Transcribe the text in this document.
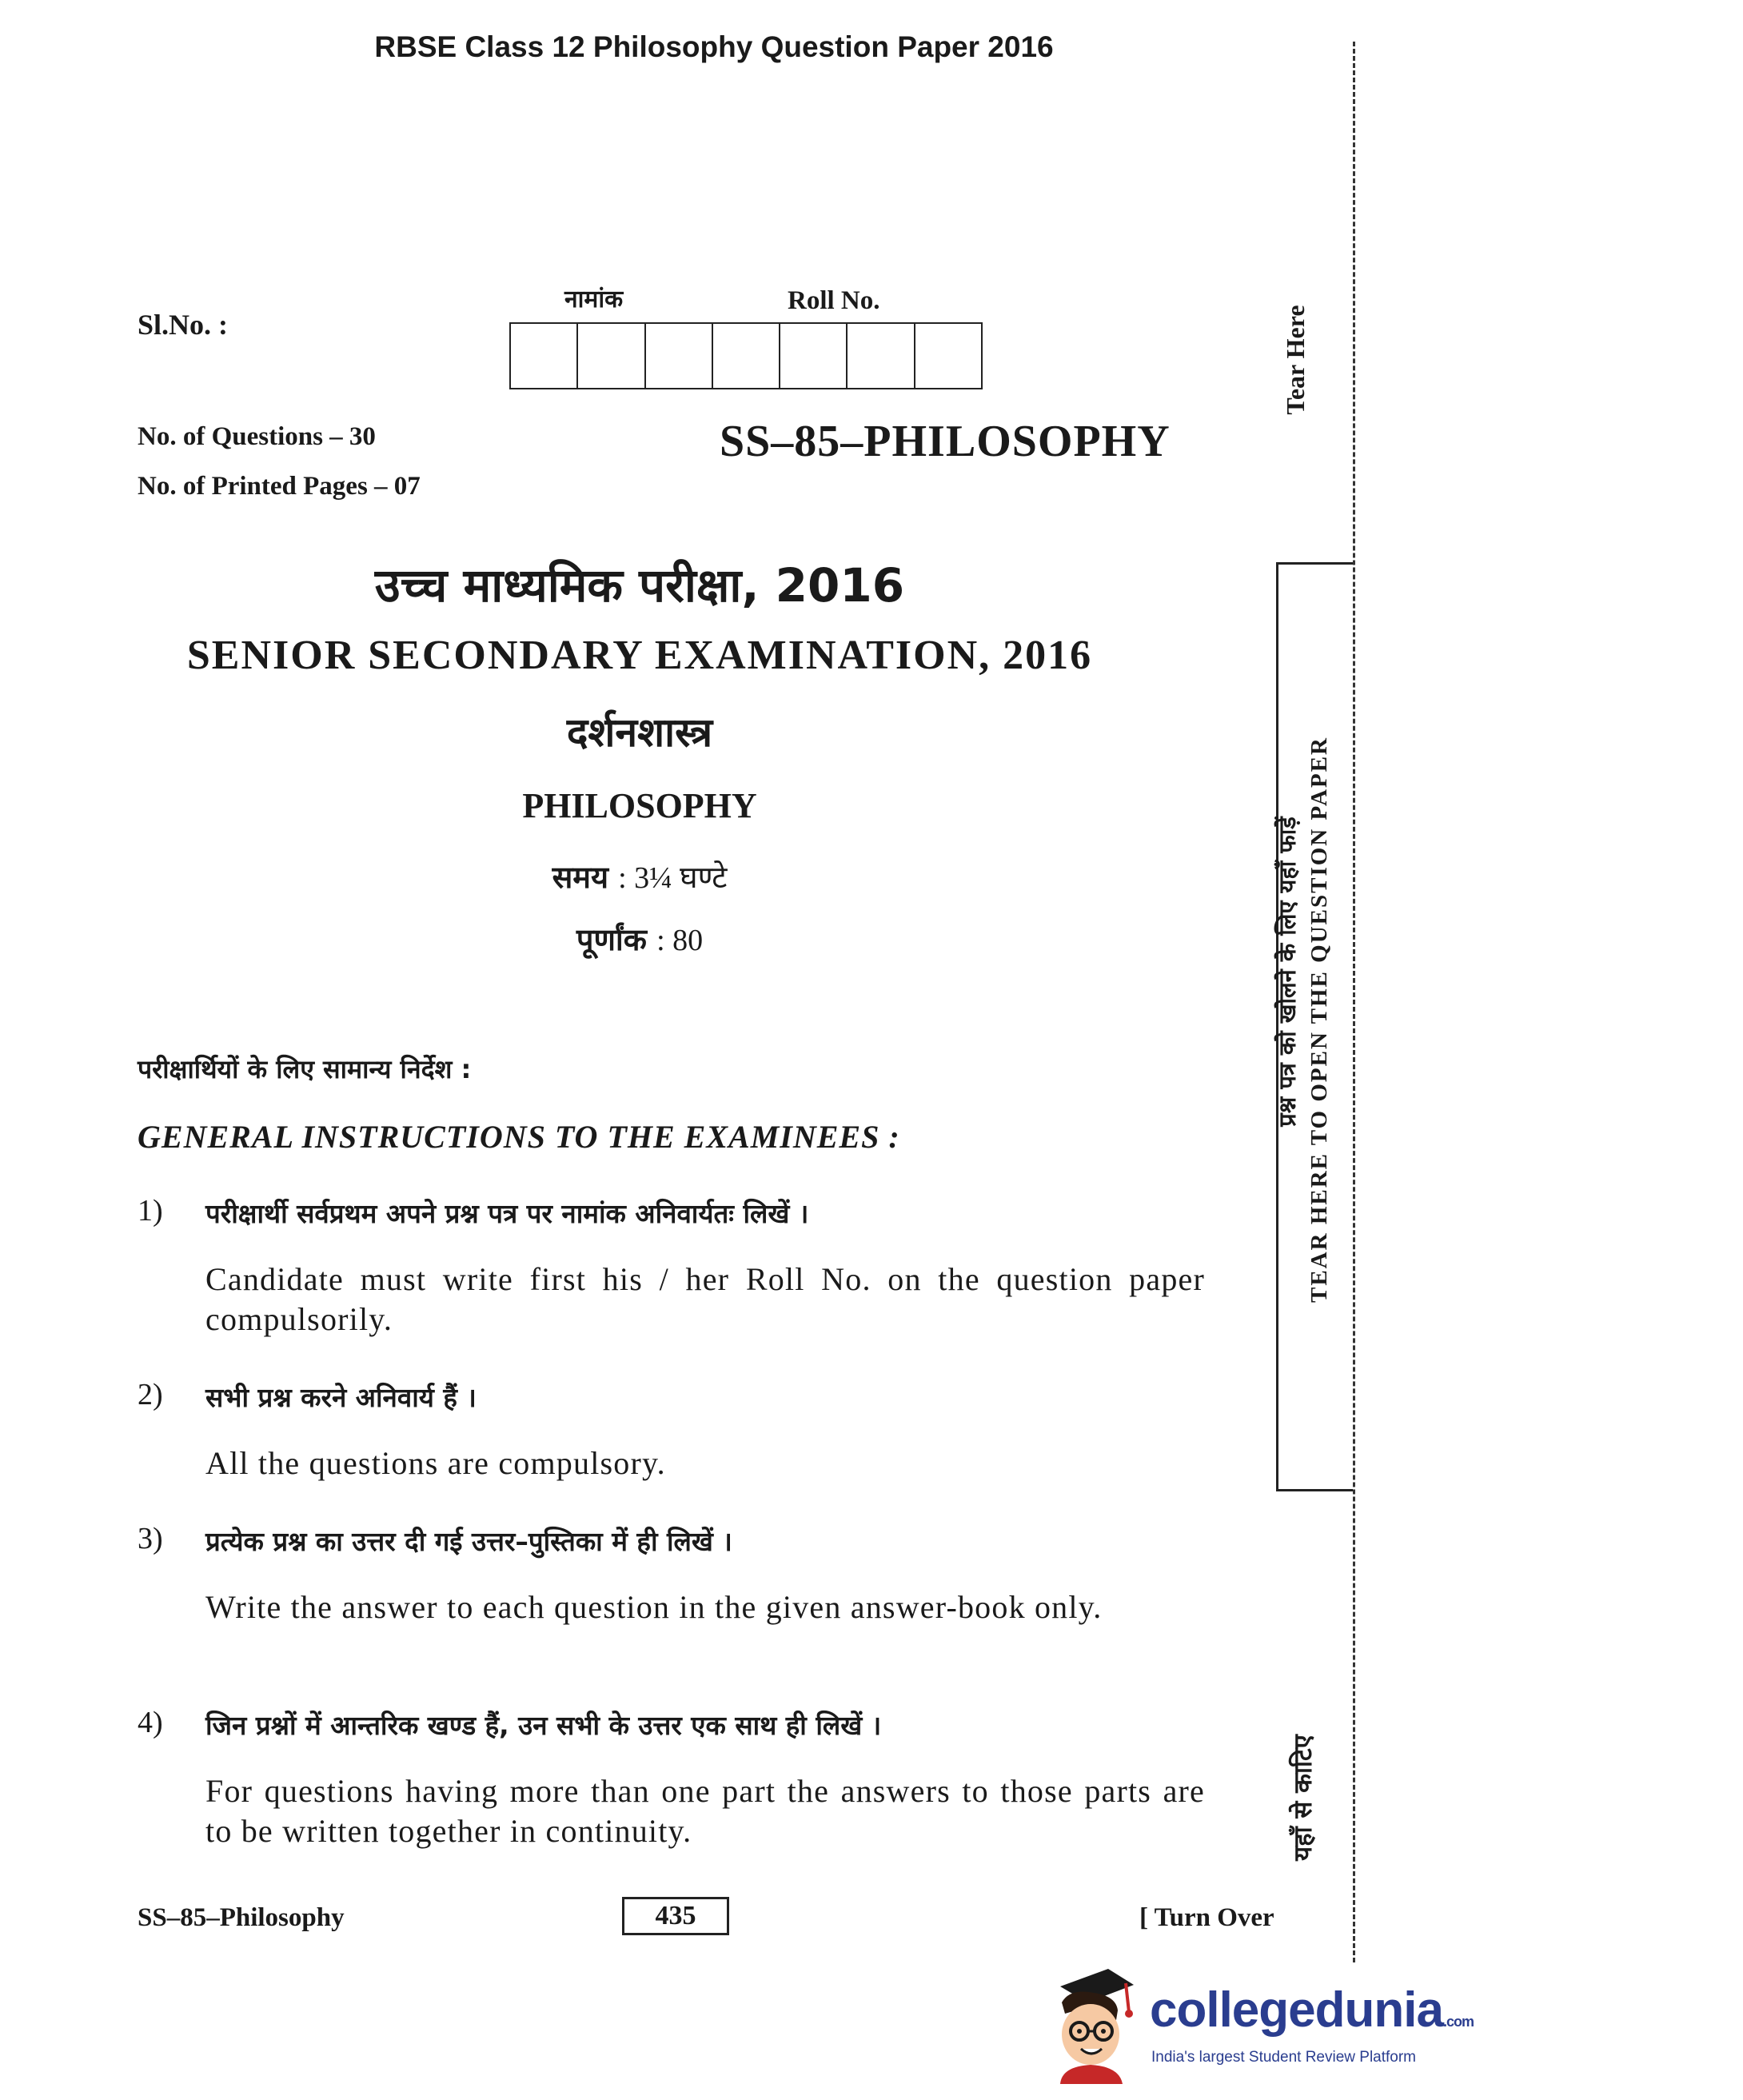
RBSE Class 12 Philosophy Question Paper 2016
Sl.No. :
नामांक	Roll No.
No. of Questions – 30
No. of Printed Pages – 07
SS–85–PHILOSOPHY
उच्च माध्यमिक परीक्षा, 2016
SENIOR SECONDARY EXAMINATION, 2016
दर्शनशास्त्र
PHILOSOPHY
समय : 3¼ घण्टे
पूर्णांक : 80
परीक्षार्थियों के लिए सामान्य निर्देश :
GENERAL INSTRUCTIONS TO THE EXAMINEES :
1) परीक्षार्थी सर्वप्रथम अपने प्रश्न पत्र पर नामांक अनिवार्यतः लिखें ।
Candidate must write first his / her Roll No. on the question paper compulsorily.
2) सभी प्रश्न करने अनिवार्य हैं ।
All the questions are compulsory.
3) प्रत्येक प्रश्न का उत्तर दी गई उत्तर–पुस्तिका में ही लिखें ।
Write the answer to each question in the given answer-book only.
4) जिन प्रश्नों में आन्तरिक खण्ड हैं, उन सभी के उत्तर एक साथ ही लिखें ।
For questions having more than one part the answers to those parts are to be written together in continuity.
Tear Here
प्रश्न पत्र को खोलने के लिए यहाँ फाड़ें TEAR HERE TO OPEN THE QUESTION PAPER
यहाँ से काटिए
SS–85–Philosophy	435	[ Turn Over
collegedunia.com
India's largest Student Review Platform
